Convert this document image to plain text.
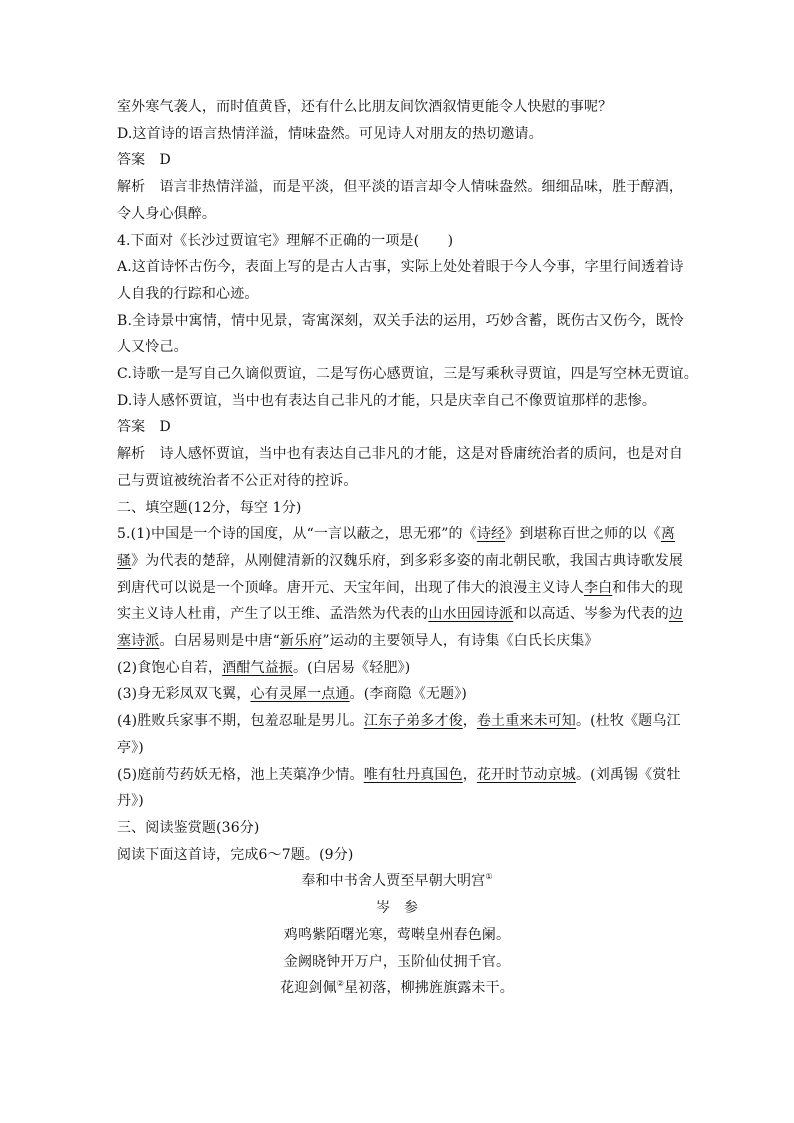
室外寒气袭人，而时值黄昏，还有什么比朋友间饮酒叙情更能令人快慰的事呢？
D.这首诗的语言热情洋溢，情味盎然。可见诗人对朋友的热切邀请。
答案　D
解析　语言非热情洋溢，而是平淡，但平淡的语言却令人情味盎然。细细品味，胜于醇酒，
令人身心俱醉。
4.下面对《长沙过贾谊宅》理解不正确的一项是(　　)
A.这首诗怀古伤今，表面上写的是古人古事，实际上处处着眼于今人今事，字里行间透着诗
人自我的行踪和心迹。
B.全诗景中寓情，情中见景，寄寓深刻，双关手法的运用，巧妙含蓄，既伤古又伤今，既怜
人又怜己。
C.诗歌一是写自己久谪似贾谊，二是写伤心感贾谊，三是写乘秋寻贾谊，四是写空林无贾谊。
D.诗人感怀贾谊，当中也有表达自己非凡的才能，只是庆幸自己不像贾谊那样的悲惨。
答案　D
解析　诗人感怀贾谊，当中也有表达自己非凡的才能，这是对昏庸统治者的质问，也是对自
己与贾谊被统治者不公正对待的控诉。
二、填空题(12分，每空 1分)
5.(1)中国是一个诗的国度，从“一言以蔽之，思无邪”的《诗经》到堪称百世之师的以《离
骚》为代表的楚辞，从刚健清新的汉魏乐府，到多彩多姿的南北朝民歌，我国古典诗歌发展
到唐代可以说是一个顶峰。唐开元、天宝年间，出现了伟大的浪漫主义诗人李白和伟大的现
实主义诗人杜甫，产生了以王维、孟浩然为代表的山水田园诗派和以高适、岑参为代表的边
塞诗派。白居易则是中唐“新乐府”运动的主要领导人，有诗集《白氏长庆集》
(2)食饱心自若，酒酣气益振。(白居易《轻肥》)
(3)身无彩凤双飞翼，心有灵犀一点通。(李商隐《无题》)
(4)胜败兵家事不期，包羞忍耻是男儿。江东子弟多才俊，卷土重来未可知。(杜牧《题乌江
亭》)
(5)庭前芍药妖无格，池上芙蕖净少情。唯有牡丹真国色，花开时节动京城。(刘禹锡《赏牡
丹》)
三、阅读鉴赏题(36分)
阅读下面这首诗，完成6～7题。(9分)
奉和中书舍人贾至早朝大明宫①
岑参
鸡鸣紫陌曙光寒，莺啭皇州春色阑。
金阙晓钟开万户，玉阶仙仗拥千官。
花迎剑佩②星初落，柳拂旌旗露未干。
